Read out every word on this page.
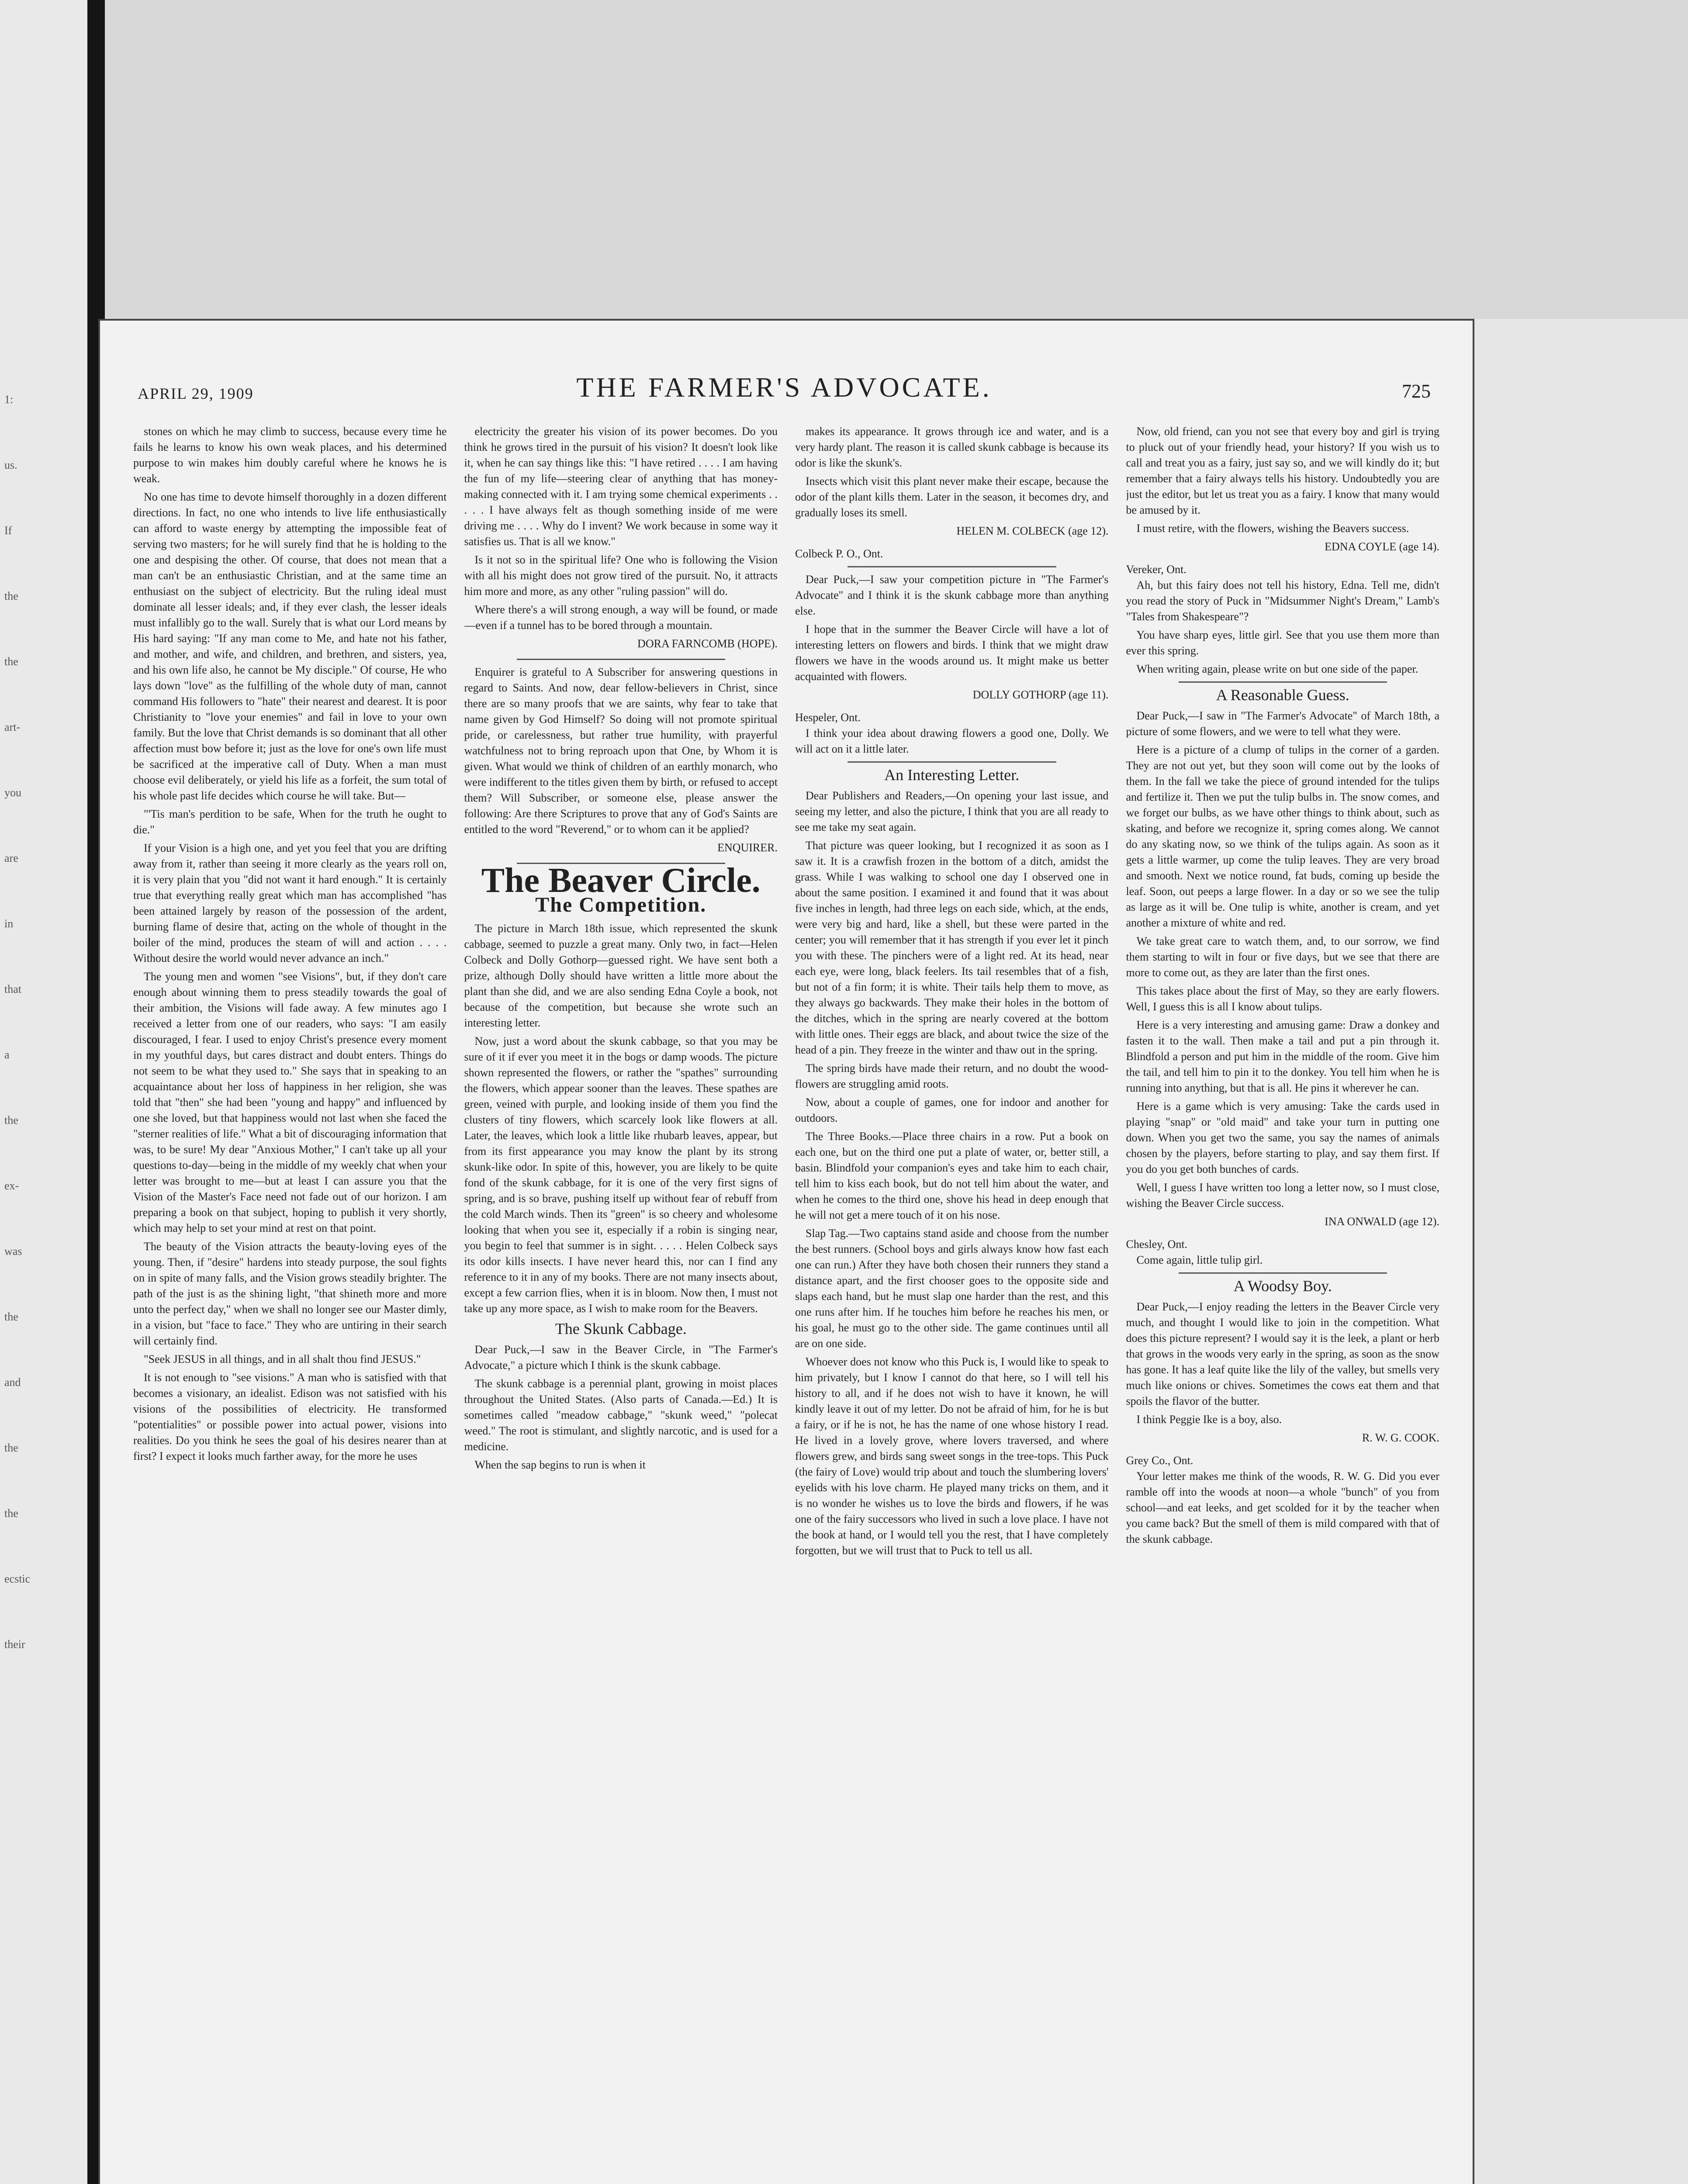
1:
us.
If
the
the
art-
you
are
in
that
a
the
ex-
was
the
and
the
the
ecstic
their
APRIL 29, 1909	THE FARMER'S ADVOCATE.	725

stones on which he may climb to success, because every time he fails he learns to know his own weak places, and his determined purpose to win makes him doubly careful where he knows he is weak.

No one has time to devote himself thoroughly in a dozen different directions. In fact, no one who intends to live life enthusiastically can afford to waste energy by attempting the impossible feat of serving two masters; for he will surely find that he is holding to the one and despising the other. Of course, that does not mean that a man can't be an enthusiastic Christian, and at the same time an enthusiast on the subject of electricity. But the ruling ideal must dominate all lesser ideals; and, if they ever clash, the lesser ideals must infallibly go to the wall. Surely that is what our Lord means by His hard saying: "If any man come to Me, and hate not his father, and mother, and wife, and children, and brethren, and sisters, yea, and his own life also, he cannot be My disciple." Of course, He who lays down "love" as the fulfilling of the whole duty of man, cannot command His followers to "hate" their nearest and dearest. It is poor Christianity to "love your enemies" and fail in love to your own family. But the love that Christ demands is so dominant that all other affection must bow before it; just as the love for one's own life must be sacrificed at the imperative call of Duty. When a man must choose evil deliberately, or yield his life as a forfeit, the sum total of his whole past life decides which course he will take. But—

"'Tis man's perdition to be safe, When for the truth he ought to die."

If your Vision is a high one, and yet you feel that you are drifting away from it, rather than seeing it more clearly as the years roll on, it is very plain that you "did not want it hard enough." It is certainly true that everything really great which man has accomplished "has been attained largely by reason of the possession of the ardent, burning flame of desire that, acting on the whole of thought in the boiler of the mind, produces the steam of will and action . . . . Without desire the world would never advance an inch."

The young men and women "see Visions", but, if they don't care enough about winning them to press steadily towards the goal of their ambition, the Visions will fade away. A few minutes ago I received a letter from one of our readers, who says: "I am easily discouraged, I fear. I used to enjoy Christ's presence every moment in my youthful days, but cares distract and doubt enters. Things do not seem to be what they used to." She says that in speaking to an acquaintance about her loss of happiness in her religion, she was told that "then" she had been "young and happy" and influenced by one she loved, but that happiness would not last when she faced the "sterner realities of life." What a bit of discouraging information that was, to be sure! My dear "Anxious Mother," I can't take up all your questions to-day—being in the middle of my weekly chat when your letter was brought to me—but at least I can assure you that the Vision of the Master's Face need not fade out of our horizon. I am preparing a book on that subject, hoping to publish it very shortly, which may help to set your mind at rest on that point.

The beauty of the Vision attracts the beauty-loving eyes of the young. Then, if "desire" hardens into steady purpose, the soul fights on in spite of many falls, and the Vision grows steadily brighter. The path of the just is as the shining light, "that shineth more and more unto the perfect day," when we shall no longer see our Master dimly, in a vision, but "face to face." They who are untiring in their search will certainly find.

"Seek JESUS in all things, and in all shalt thou find JESUS."

It is not enough to "see visions." A man who is satisfied with that becomes a visionary, an idealist. Edison was not satisfied with his visions of the possibilities of electricity. He transformed "potentialities" or possible power into actual power, visions into realities. Do you think he sees the goal of his desires nearer than at first? I expect it looks much farther away, for the more he uses

electricity the greater his vision of its power becomes. Do you think he grows tired in the pursuit of his vision? It doesn't look like it, when he can say things like this: "I have retired . . . . I am having the fun of my life—steering clear of anything that has money-making connected with it. I am trying some chemical experiments . . . . . I have always felt as though something inside of me were driving me . . . . Why do I invent? We work because in some way it satisfies us. That is all we know."

Is it not so in the spiritual life? One who is following the Vision with all his might does not grow tired of the pursuit. No, it attracts him more and more, as any other "ruling passion" will do.

Where there's a will strong enough, a way will be found, or made—even if a tunnel has to be bored through a mountain.

DORA FARNCOMB (HOPE).

Enquirer is grateful to A Subscriber for answering questions in regard to Saints. And now, dear fellow-believers in Christ, since there are so many proofs that we are saints, why fear to take that name given by God Himself? So doing will not promote spiritual pride, or carelessness, but rather true humility, with prayerful watchfulness not to bring reproach upon that One, by Whom it is given. What would we think of children of an earthly monarch, who were indifferent to the titles given them by birth, or refused to accept them? Will Subscriber, or someone else, please answer the following: Are there Scriptures to prove that any of God's Saints are entitled to the word "Reverend," or to whom can it be applied?

ENQUIRER.
The Beaver Circle.
The Competition.

The picture in March 18th issue, which represented the skunk cabbage, seemed to puzzle a great many. Only two, in fact—Helen Colbeck and Dolly Gothorp—guessed right. We have sent both a prize, although Dolly should have written a little more about the plant than she did, and we are also sending Edna Coyle a book, not because of the competition, but because she wrote such an interesting letter.

Now, just a word about the skunk cabbage, so that you may be sure of it if ever you meet it in the bogs or damp woods. The picture shown represented the flowers, or rather the "spathes" surrounding the flowers, which appear sooner than the leaves. These spathes are green, veined with purple, and looking inside of them you find the clusters of tiny flowers, which scarcely look like flowers at all. Later, the leaves, which look a little like rhubarb leaves, appear, but from its first appearance you may know the plant by its strong skunk-like odor. In spite of this, however, you are likely to be quite fond of the skunk cabbage, for it is one of the very first signs of spring, and is so brave, pushing itself up without fear of rebuff from the cold March winds. Then its "green" is so cheery and wholesome looking that when you see it, especially if a robin is singing near, you begin to feel that summer is in sight. . . . . Helen Colbeck says its odor kills insects. I have never heard this, nor can I find any reference to it in any of my books. There are not many insects about, except a few carrion flies, when it is in bloom. Now then, I must not take up any more space, as I wish to make room for the Beavers.

The Skunk Cabbage.

Dear Puck,—I saw in the Beaver Circle, in "The Farmer's Advocate," a picture which I think is the skunk cabbage.

The skunk cabbage is a perennial plant, growing in moist places throughout the United States. (Also parts of Canada.—Ed.) It is sometimes called "meadow cabbage," "skunk weed," "polecat weed." The root is stimulant, and slightly narcotic, and is used for a medicine.

When the sap begins to run is when it

makes its appearance. It grows through ice and water, and is a very hardy plant. The reason it is called skunk cabbage is because its odor is like the skunk's.

Insects which visit this plant never make their escape, because the odor of the plant kills them. Later in the season, it becomes dry, and gradually loses its smell.

HELEN M. COLBECK (age 12).
Colbeck P. O., Ont.

Dear Puck,—I saw your competition picture in "The Farmer's Advocate" and I think it is the skunk cabbage more than anything else.

I hope that in the summer the Beaver Circle will have a lot of interesting letters on flowers and birds. I think that we might draw flowers we have in the woods around us. It might make us better acquainted with flowers.

DOLLY GOTHORP (age 11).
Hespeler, Ont.

I think your idea about drawing flowers a good one, Dolly. We will act on it a little later.

An Interesting Letter.

Dear Publishers and Readers,—On opening your last issue, and seeing my letter, and also the picture, I think that you are all ready to see me take my seat again.

That picture was queer looking, but I recognized it as soon as I saw it. It is a crawfish frozen in the bottom of a ditch, amidst the grass. While I was walking to school one day I observed one in about the same position. I examined it and found that it was about five inches in length, had three legs on each side, which, at the ends, were very big and hard, like a shell, but these were parted in the center; you will remember that it has strength if you ever let it pinch you with these. The pinchers were of a light red. At its head, near each eye, were long, black feelers. Its tail resembles that of a fish, but not of a fin form; it is white. Their tails help them to move, as they always go backwards. They make their holes in the bottom of the ditches, which in the spring are nearly covered at the bottom with little ones. Their eggs are black, and about twice the size of the head of a pin. They freeze in the winter and thaw out in the spring.

The spring birds have made their return, and no doubt the wood-flowers are struggling amid roots.

Now, about a couple of games, one for indoor and another for outdoors.

The Three Books.—Place three chairs in a row. Put a book on each one, but on the third one put a plate of water, or, better still, a basin. Blindfold your companion's eyes and take him to each chair, tell him to kiss each book, but do not tell him about the water, and when he comes to the third one, shove his head in deep enough that he will not get a mere touch of it on his nose.

Slap Tag.—Two captains stand aside and choose from the number the best runners. (School boys and girls always know how fast each one can run.) After they have both chosen their runners they stand a distance apart, and the first chooser goes to the opposite side and slaps each hand, but he must slap one harder than the rest, and this one runs after him. If he touches him before he reaches his men, or his goal, he must go to the other side. The game continues until all are on one side.

Whoever does not know who this Puck is, I would like to speak to him privately, but I know I cannot do that here, so I will tell his history to all, and if he does not wish to have it known, he will kindly leave it out of my letter. Do not be afraid of him, for he is but a fairy, or if he is not, he has the name of one whose history I read. He lived in a lovely grove, where lovers traversed, and where flowers grew, and birds sang sweet songs in the tree-tops. This Puck (the fairy of Love) would trip about and touch the slumbering lovers' eyelids with his love charm. He played many tricks on them, and it is no wonder he wishes us to love the birds and flowers, if he was one of the fairy successors who lived in such a love place. I have not the book at hand, or I would tell you the rest, that I have completely forgotten, but we will trust that to Puck to tell us all.

Now, old friend, can you not see that every boy and girl is trying to pluck out of your friendly head, your history? If you wish us to call and treat you as a fairy, just say so, and we will kindly do it; but remember that a fairy always tells his history. Undoubtedly you are just the editor, but let us treat you as a fairy. I know that many would be amused by it.

I must retire, with the flowers, wishing the Beavers success.

EDNA COYLE (age 14).
Vereker, Ont.

Ah, but this fairy does not tell his history, Edna. Tell me, didn't you read the story of Puck in "Midsummer Night's Dream," Lamb's "Tales from Shakespeare"?

You have sharp eyes, little girl. See that you use them more than ever this spring.

When writing again, please write on but one side of the paper.

A Reasonable Guess.

Dear Puck,—I saw in "The Farmer's Advocate" of March 18th, a picture of some flowers, and we were to tell what they were.

Here is a picture of a clump of tulips in the corner of a garden. They are not out yet, but they soon will come out by the looks of them. In the fall we take the piece of ground intended for the tulips and fertilize it. Then we put the tulip bulbs in. The snow comes, and we forget our bulbs, as we have other things to think about, such as skating, and before we recognize it, spring comes along. We cannot do any skating now, so we think of the tulips again. As soon as it gets a little warmer, up come the tulip leaves. They are very broad and smooth. Next we notice round, fat buds, coming up beside the leaf. Soon, out peeps a large flower. In a day or so we see the tulip as large as it will be. One tulip is white, another is cream, and yet another a mixture of white and red.

We take great care to watch them, and, to our sorrow, we find them starting to wilt in four or five days, but we see that there are more to come out, as they are later than the first ones.

This takes place about the first of May, so they are early flowers. Well, I guess this is all I know about tulips.

Here is a very interesting and amusing game: Draw a donkey and fasten it to the wall. Then make a tail and put a pin through it. Blindfold a person and put him in the middle of the room. Give him the tail, and tell him to pin it to the donkey. You tell him when he is running into anything, but that is all. He pins it wherever he can.

Here is a game which is very amusing: Take the cards used in playing "snap" or "old maid" and take your turn in putting one down. When you get two the same, you say the names of animals chosen by the players, before starting to play, and say them first. If you do you get both bunches of cards.

Well, I guess I have written too long a letter now, so I must close, wishing the Beaver Circle success.

INA ONWALD (age 12).
Chesley, Ont.

Come again, little tulip girl.

A Woodsy Boy.

Dear Puck,—I enjoy reading the letters in the Beaver Circle very much, and thought I would like to join in the competition. What does this picture represent? I would say it is the leek, a plant or herb that grows in the woods very early in the spring, as soon as the snow has gone. It has a leaf quite like the lily of the valley, but smells very much like onions or chives. Sometimes the cows eat them and that spoils the flavor of the butter.

I think Peggie Ike is a boy, also.

R. W. G. COOK.
Grey Co., Ont.

Your letter makes me think of the woods, R. W. G. Did you ever ramble off into the woods at noon—a whole "bunch" of you from school—and eat leeks, and get scolded for it by the teacher when you came back? But the smell of them is mild compared with that of the skunk cabbage.
